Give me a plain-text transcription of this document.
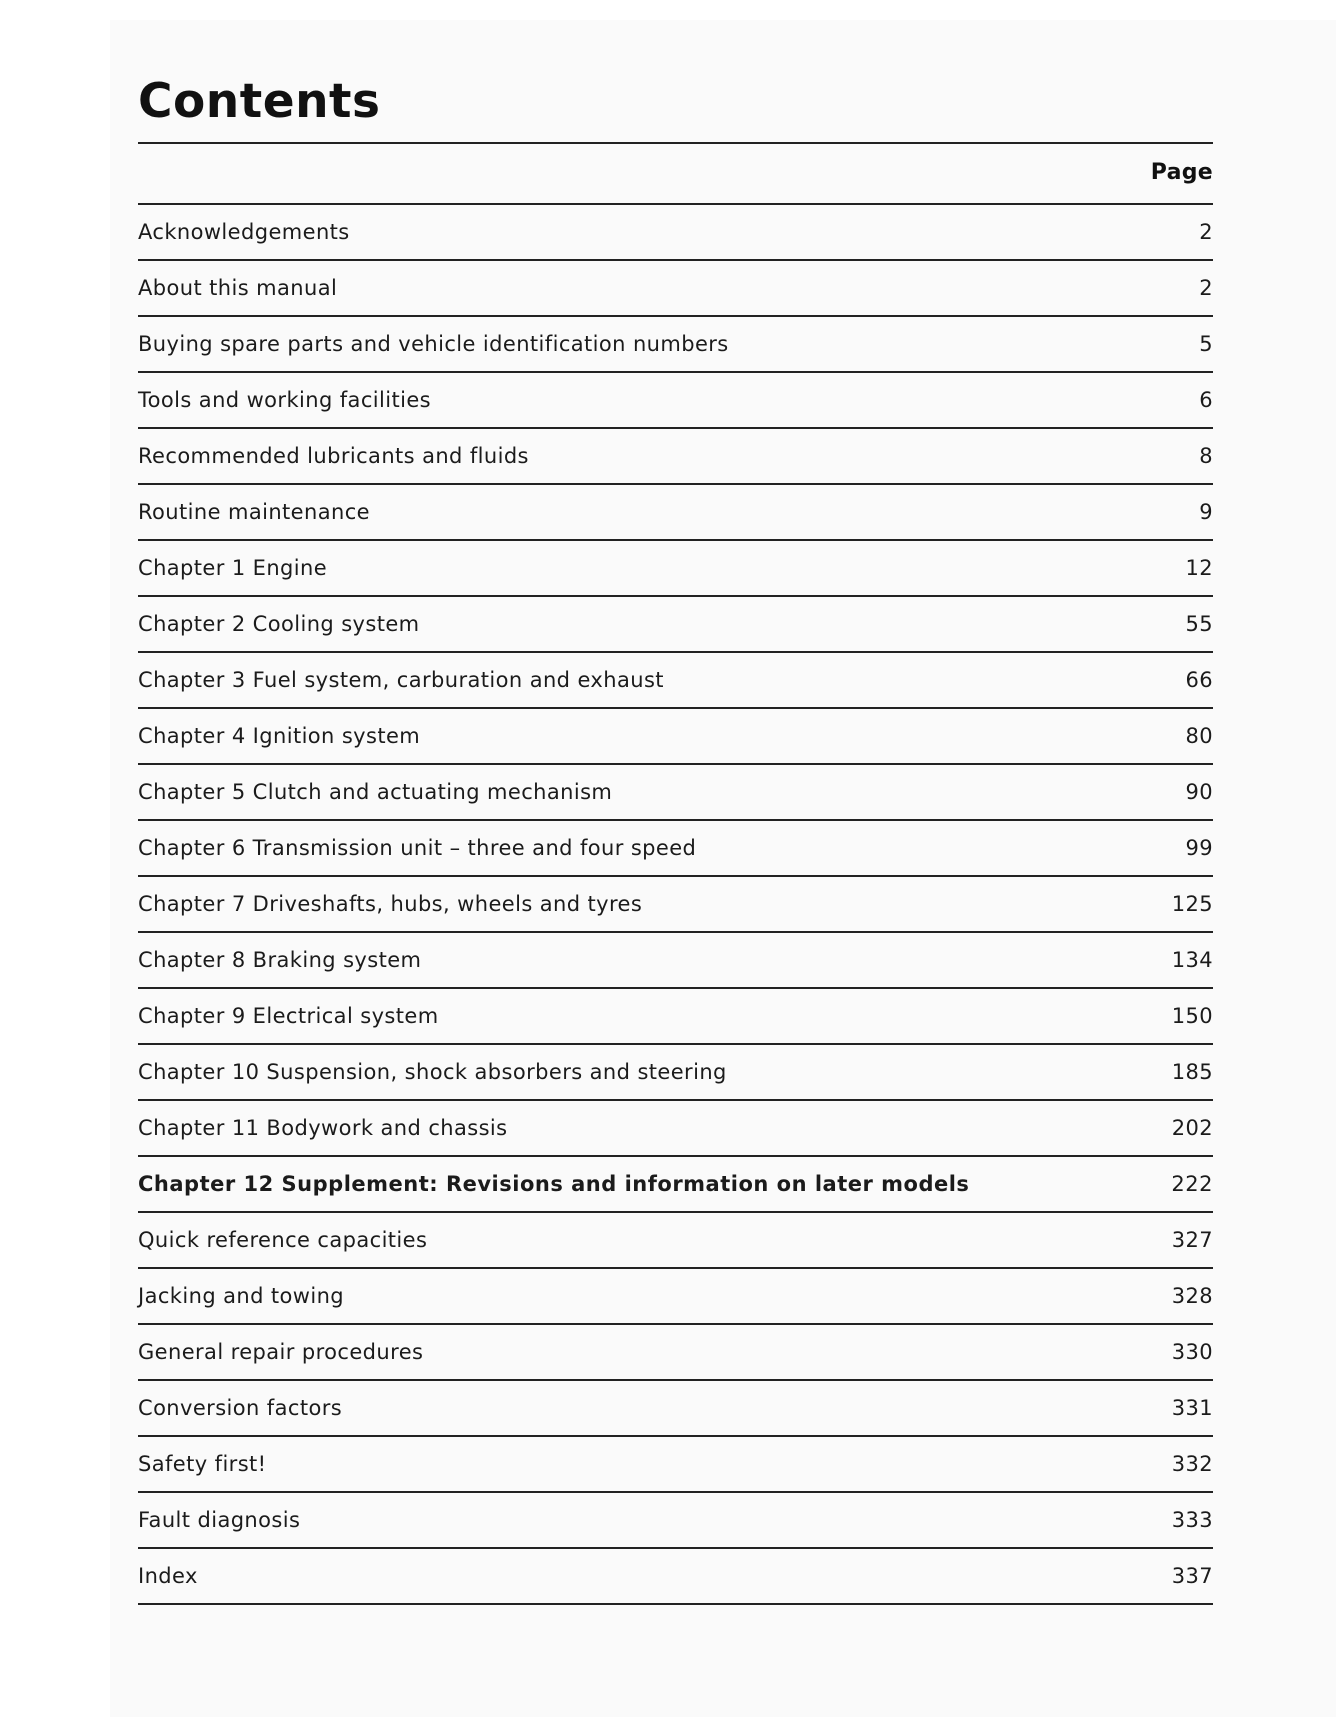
Contents
Page
Acknowledgements	2
About this manual	2
Buying spare parts and vehicle identification numbers	5
Tools and working facilities	6
Recommended lubricants and fluids	8
Routine maintenance	9
Chapter 1 Engine	12
Chapter 2 Cooling system	55
Chapter 3 Fuel system, carburation and exhaust	66
Chapter 4 Ignition system	80
Chapter 5 Clutch and actuating mechanism	90
Chapter 6 Transmission unit – three and four speed	99
Chapter 7 Driveshafts, hubs, wheels and tyres	125
Chapter 8 Braking system	134
Chapter 9 Electrical system	150
Chapter 10 Suspension, shock absorbers and steering	185
Chapter 11 Bodywork and chassis	202
Chapter 12 Supplement: Revisions and information on later models	222
Quick reference capacities	327
Jacking and towing	328
General repair procedures	330
Conversion factors	331
Safety first!	332
Fault diagnosis	333
Index	337
